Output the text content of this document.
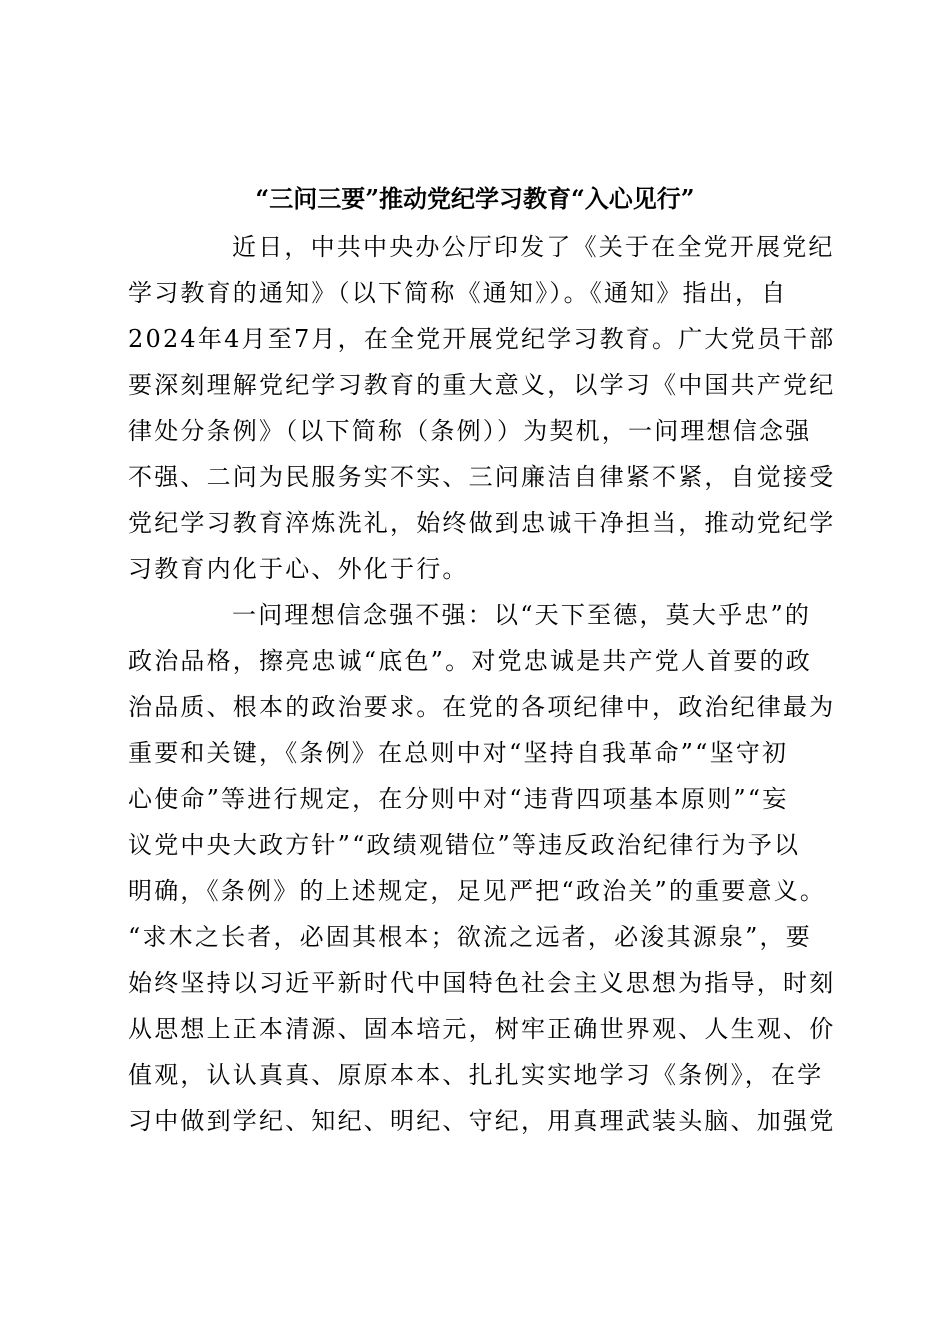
“三问三要”推动党纪学习教育“入心见行”

近日，中共中央办公厅印发了《关于在全党开展党纪

学习教育的通知》（以下简称《通知》）。《通知》指出，自

2024年4月至7月，在全党开展党纪学习教育。广大党员干部

要深刻理解党纪学习教育的重大意义，以学习《中国共产党纪

律处分条例》（以下简称（条例））为契机，一问理想信念强

不强、二问为民服务实不实、三问廉洁自律紧不紧，自觉接受

党纪学习教育淬炼洗礼，始终做到忠诚干净担当，推动党纪学

习教育内化于心、外化于行。

一问理想信念强不强：以“天下至德，莫大乎忠”的

政治品格，擦亮忠诚“底色”。对党忠诚是共产党人首要的政

治品质、根本的政治要求。在党的各项纪律中，政治纪律最为

重要和关键，《条例》在总则中对“坚持自我革命”“坚守初

心使命”等进行规定，在分则中对“违背四项基本原则”“妄

议党中央大政方针”“政绩观错位”等违反政治纪律行为予以

明确，《条例》的上述规定，足见严把“政治关”的重要意义。

“求木之长者，必固其根本；欲流之远者，必浚其源泉”，要

始终坚持以习近平新时代中国特色社会主义思想为指导，时刻

从思想上正本清源、固本培元，树牢正确世界观、人生观、价

值观，认认真真、原原本本、扎扎实实地学习《条例》，在学

习中做到学纪、知纪、明纪、守纪，用真理武装头脑、加强党
